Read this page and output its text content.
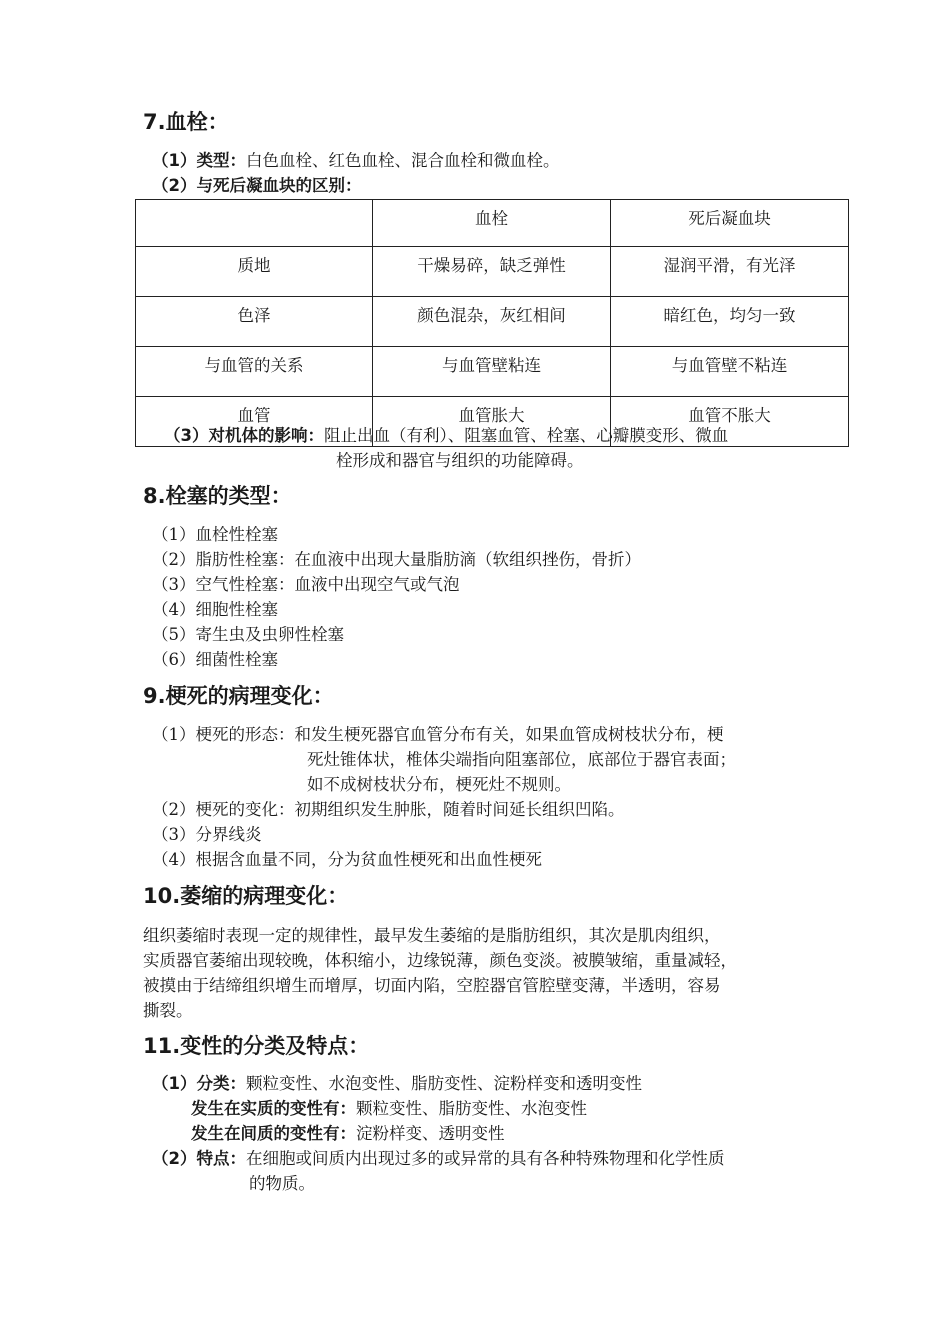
7.血栓：
（1）类型：白色血栓、红色血栓、混合血栓和微血栓。
（2）与死后凝血块的区别：
	血栓	死后凝血块
质地	干燥易碎，缺乏弹性	湿润平滑，有光泽
色泽	颜色混杂，灰红相间	暗红色，均匀一致
与血管的关系	与血管壁粘连	与血管壁不粘连
血管	血管胀大	血管不胀大
（3）对机体的影响：阻止出血（有利）、阻塞血管、栓塞、心瓣膜变形、微血
栓形成和器官与组织的功能障碍。
8.栓塞的类型：
（1）血栓性栓塞
（2）脂肪性栓塞：在血液中出现大量脂肪滴（软组织挫伤，骨折）
（3）空气性栓塞：血液中出现空气或气泡
（4）细胞性栓塞
（5）寄生虫及虫卵性栓塞
（6）细菌性栓塞
9.梗死的病理变化：
（1）梗死的形态：和发生梗死器官血管分布有关，如果血管成树枝状分布，梗
死灶锥体状，椎体尖端指向阻塞部位，底部位于器官表面；
如不成树枝状分布，梗死灶不规则。
（2）梗死的变化：初期组织发生肿胀，随着时间延长组织凹陷。
（3）分界线炎
（4）根据含血量不同，分为贫血性梗死和出血性梗死
10.萎缩的病理变化：
组织萎缩时表现一定的规律性，最早发生萎缩的是脂肪组织，其次是肌肉组织，
实质器官萎缩出现较晚，体积缩小，边缘锐薄，颜色变淡。被膜皱缩，重量减轻，
被摸由于结缔组织增生而增厚，切面内陷，空腔器官管腔壁变薄，半透明，容易
撕裂。
11.变性的分类及特点：
（1）分类：颗粒变性、水泡变性、脂肪变性、淀粉样变和透明变性
发生在实质的变性有：颗粒变性、脂肪变性、水泡变性
发生在间质的变性有：淀粉样变、透明变性
（2）特点：在细胞或间质内出现过多的或异常的具有各种特殊物理和化学性质
的物质。
